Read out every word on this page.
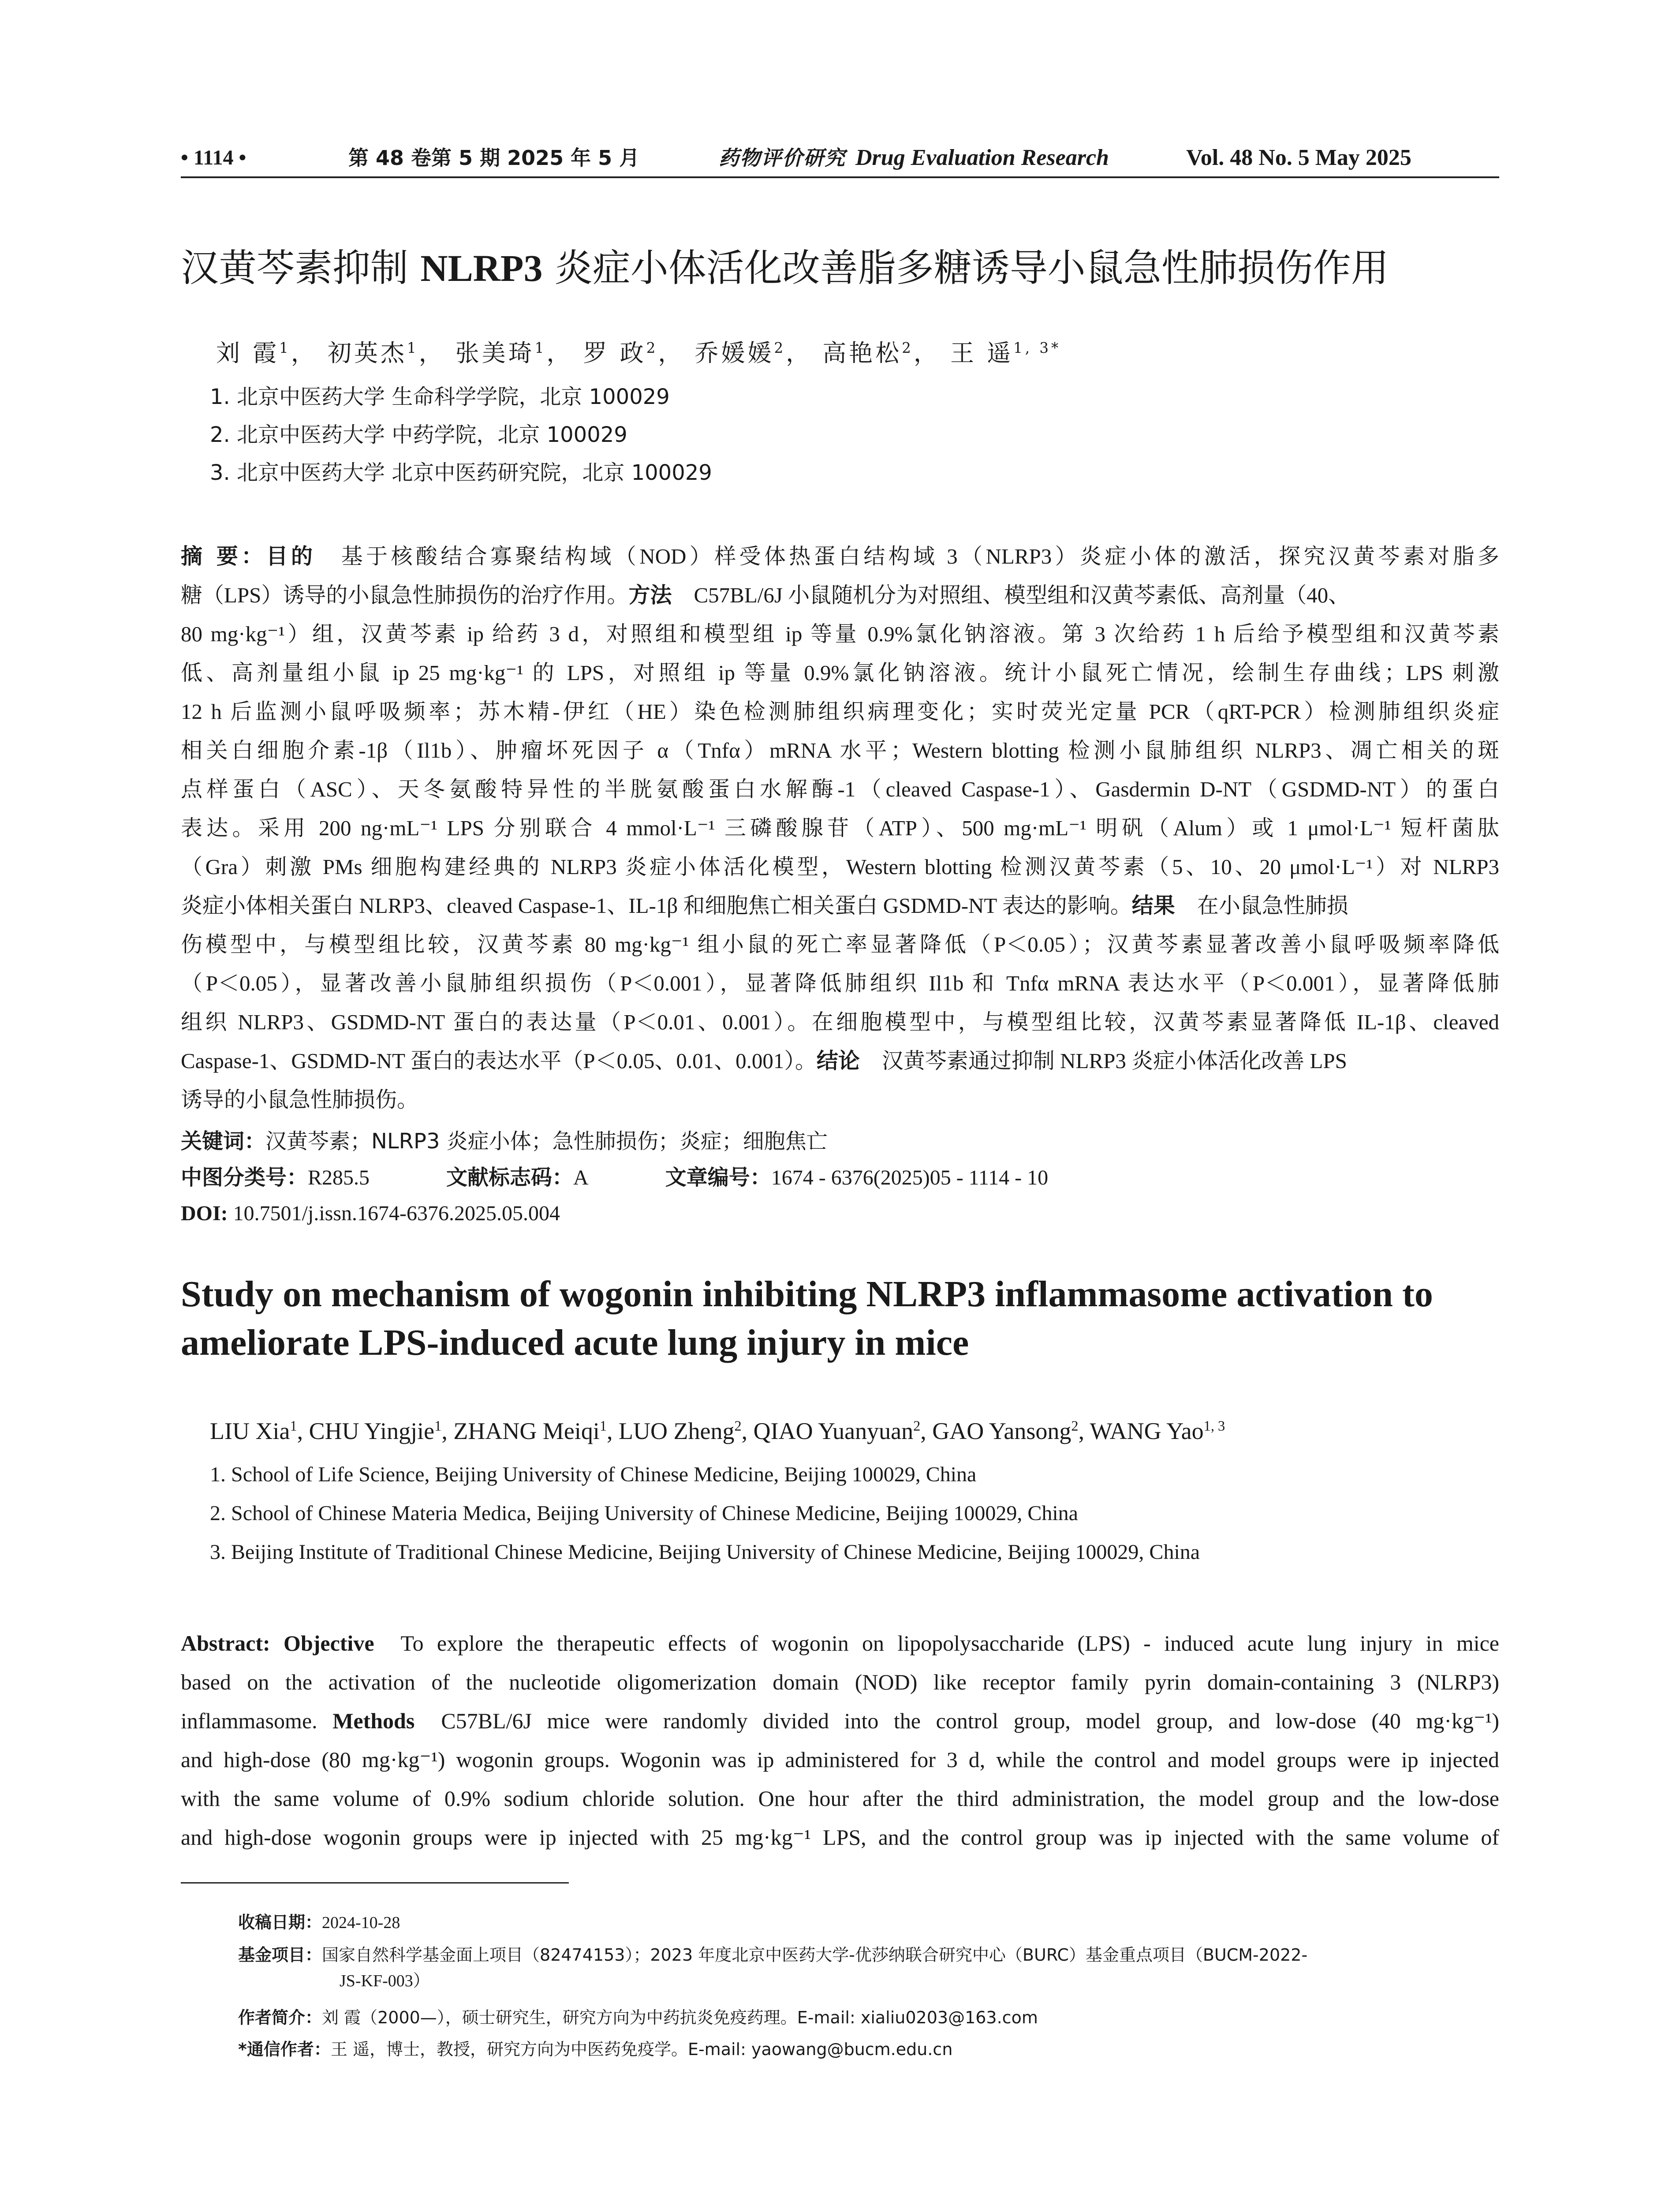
• 1114 •	第 48 卷第 5 期 2025 年 5 月	药物评价研究 Drug Evaluation Research	Vol. 48 No. 5 May 2025
汉黄芩素抑制 NLRP3 炎症小体活化改善脂多糖诱导小鼠急性肺损伤作用
刘 霞$^1$， 初英杰$^1$， 张美琦$^1$， 罗 政$^2$， 乔媛媛$^2$， 高艳松$^2$， 王 遥$^{1, 3*}$
1. 北京中医药大学 生命科学学院，北京 100029
2. 北京中医药大学 中药学院，北京 100029
3. 北京中医药大学 北京中医药研究院，北京 100029
摘 要：目的 基于核酸结合寡聚结构域（NOD）样受体热蛋白结构域 3（NLRP3）炎症小体的激活，探究汉黄芩素对脂多
糖（LPS）诱导的小鼠急性肺损伤的治疗作用。方法 C57BL/6J 小鼠随机分为对照组、模型组和汉黄芩素低、高剂量（40、
80 mg·kg⁻¹）组，汉黄芩素 ip 给药 3 d，对照组和模型组 ip 等量 0.9%氯化钠溶液。第 3 次给药 1 h 后给予模型组和汉黄芩素
低、高剂量组小鼠 ip 25 mg·kg⁻¹ 的 LPS，对照组 ip 等量 0.9%氯化钠溶液。统计小鼠死亡情况，绘制生存曲线；LPS 刺激
12 h 后监测小鼠呼吸频率；苏木精-伊红（HE）染色检测肺组织病理变化；实时荧光定量 PCR（qRT-PCR）检测肺组织炎症
相关白细胞介素-1β（Il1b）、肿瘤坏死因子 α（Tnfα）mRNA 水平；Western blotting 检测小鼠肺组织 NLRP3、凋亡相关的斑
点样蛋白（ASC）、天冬氨酸特异性的半胱氨酸蛋白水解酶-1（cleaved Caspase-1）、Gasdermin D-NT（GSDMD-NT）的蛋白
表达。采用 200 ng·mL⁻¹ LPS 分别联合 4 mmol·L⁻¹ 三磷酸腺苷（ATP）、500 mg·mL⁻¹ 明矾（Alum）或 1 μmol·L⁻¹ 短杆菌肽
（Gra）刺激 PMs 细胞构建经典的 NLRP3 炎症小体活化模型，Western blotting 检测汉黄芩素（5、10、20 μmol·L⁻¹）对 NLRP3
炎症小体相关蛋白 NLRP3、cleaved Caspase-1、IL-1β 和细胞焦亡相关蛋白 GSDMD-NT 表达的影响。结果 在小鼠急性肺损
伤模型中，与模型组比较，汉黄芩素 80 mg·kg⁻¹ 组小鼠的死亡率显著降低（P＜0.05）；汉黄芩素显著改善小鼠呼吸频率降低
（P＜0.05），显著改善小鼠肺组织损伤（P＜0.001），显著降低肺组织 Il1b 和 Tnfα mRNA 表达水平（P＜0.001），显著降低肺
组织 NLRP3、GSDMD-NT 蛋白的表达量（P＜0.01、0.001）。在细胞模型中，与模型组比较，汉黄芩素显著降低 IL-1β、cleaved
Caspase-1、GSDMD-NT 蛋白的表达水平（P＜0.05、0.01、0.001）。结论 汉黄芩素通过抑制 NLRP3 炎症小体活化改善 LPS
诱导的小鼠急性肺损伤。
关键词：汉黄芩素；NLRP3 炎症小体；急性肺损伤；炎症；细胞焦亡
中图分类号：R285.5	文献标志码：A	文章编号：1674 - 6376(2025)05 - 1114 - 10
DOI: 10.7501/j.issn.1674-6376.2025.05.004
Study on mechanism of wogonin inhibiting NLRP3 inflammasome activation to
ameliorate LPS-induced acute lung injury in mice
LIU Xia$^1$, CHU Yingjie$^1$, ZHANG Meiqi$^1$, LUO Zheng$^2$, QIAO Yuanyuan$^2$, GAO Yansong$^2$, WANG Yao$^{1, 3}$
1. School of Life Science, Beijing University of Chinese Medicine, Beijing 100029, China
2. School of Chinese Materia Medica, Beijing University of Chinese Medicine, Beijing 100029, China
3. Beijing Institute of Traditional Chinese Medicine, Beijing University of Chinese Medicine, Beijing 100029, China
Abstract: Objective To explore the therapeutic effects of wogonin on lipopolysaccharide (LPS) - induced acute lung injury in mice
based on the activation of the nucleotide oligomerization domain (NOD) like receptor family pyrin domain-containing 3 (NLRP3)
inflammasome. Methods C57BL/6J mice were randomly divided into the control group, model group, and low-dose (40 mg·kg⁻¹)
and high-dose (80 mg·kg⁻¹) wogonin groups. Wogonin was ip administered for 3 d, while the control and model groups were ip injected
with the same volume of 0.9% sodium chloride solution. One hour after the third administration, the model group and the low-dose
and high-dose wogonin groups were ip injected with 25 mg·kg⁻¹ LPS, and the control group was ip injected with the same volume of
收稿日期：2024-10-28
基金项目：国家自然科学基金面上项目（82474153）；2023 年度北京中医药大学-优莎纳联合研究中心（BURC）基金重点项目（BUCM-2022-
JS-KF-003）
作者简介：刘 霞（2000—），硕士研究生，研究方向为中药抗炎免疫药理。E-mail: xialiu0203@163.com
*通信作者：王 遥，博士，教授，研究方向为中医药免疫学。E-mail: yaowang@bucm.edu.cn
